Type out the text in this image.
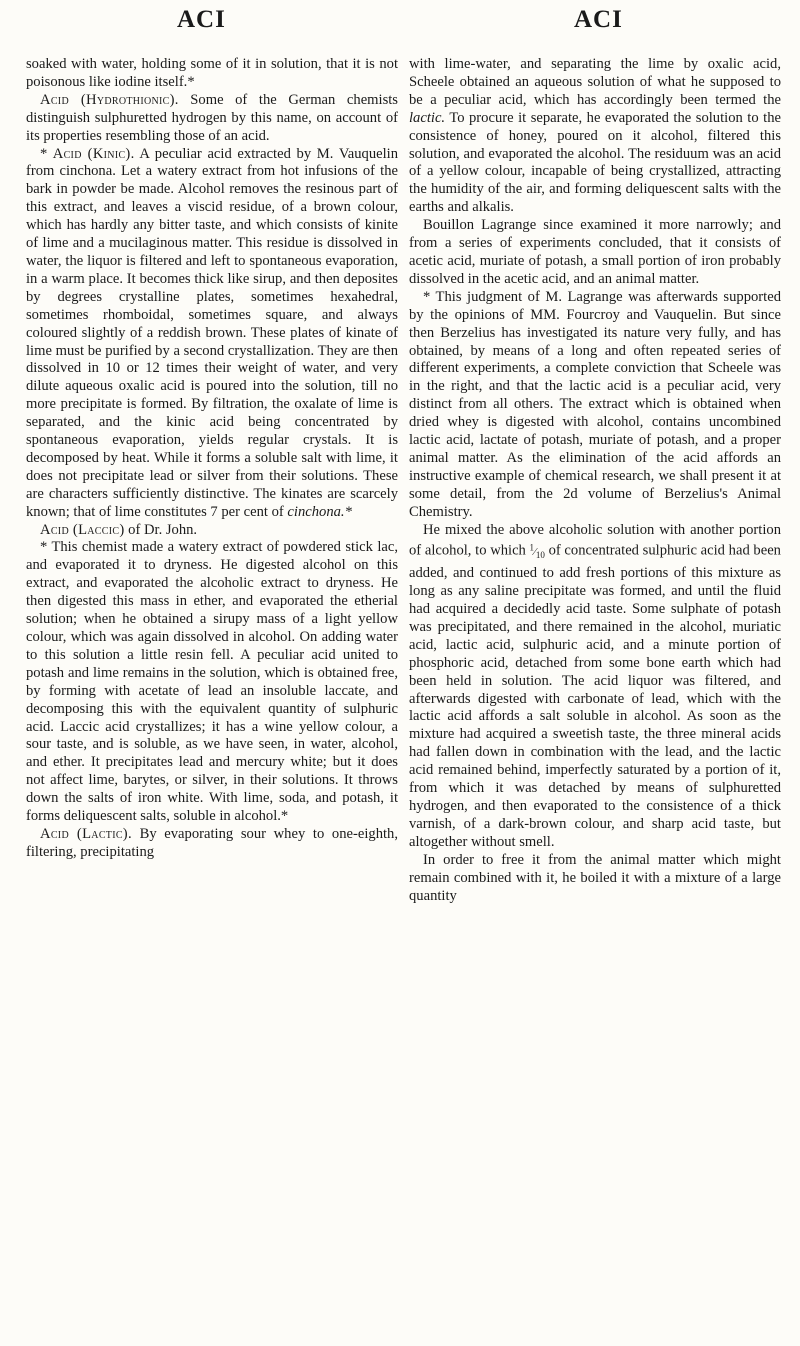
ACI	ACI

soaked with water, holding some of it in solution, that it is not poisonous like iodine itself.*

Acid (Hydrothionic). Some of the German chemists distinguish sulphuretted hydrogen by this name, on account of its properties resembling those of an acid.

* Acid (Kinic). A peculiar acid extracted by M. Vauquelin from cinchona. Let a watery extract from hot infusions of the bark in powder be made. Alcohol removes the resinous part of this extract, and leaves a viscid residue, of a brown colour, which has hardly any bitter taste, and which consists of kinite of lime and a mucilaginous matter. This residue is dissolved in water, the liquor is filtered and left to spontaneous evaporation, in a warm place. It becomes thick like sirup, and then deposites by degrees crystalline plates, sometimes hexahedral, sometimes rhomboidal, sometimes square, and always coloured slightly of a reddish brown. These plates of kinate of lime must be purified by a second crystallization. They are then dissolved in 10 or 12 times their weight of water, and very dilute aqueous oxalic acid is poured into the solution, till no more precipitate is formed. By filtration, the oxalate of lime is separated, and the kinic acid being concentrated by spontaneous evaporation, yields regular crystals. It is decomposed by heat. While it forms a soluble salt with lime, it does not precipitate lead or silver from their solutions. These are characters sufficiently distinctive. The kinates are scarcely known; that of lime constitutes 7 per cent of cinchona.*

Acid (Laccic) of Dr. John.

* This chemist made a watery extract of powdered stick lac, and evaporated it to dryness. He digested alcohol on this extract, and evaporated the alcoholic extract to dryness. He then digested this mass in ether, and evaporated the etherial solution; when he obtained a sirupy mass of a light yellow colour, which was again dissolved in alcohol. On adding water to this solution a little resin fell. A peculiar acid united to potash and lime remains in the solution, which is obtained free, by forming with acetate of lead an insoluble laccate, and decomposing this with the equivalent quantity of sulphuric acid. Laccic acid crystallizes; it has a wine yellow colour, a sour taste, and is soluble, as we have seen, in water, alcohol, and ether. It precipitates lead and mercury white; but it does not affect lime, barytes, or silver, in their solutions. It throws down the salts of iron white. With lime, soda, and potash, it forms deliquescent salts, soluble in alcohol.*

Acid (Lactic). By evaporating sour whey to one-eighth, filtering, precipitating

with lime-water, and separating the lime by oxalic acid, Scheele obtained an aqueous solution of what he supposed to be a peculiar acid, which has accordingly been termed the lactic. To procure it separate, he evaporated the solution to the consistence of honey, poured on it alcohol, filtered this solution, and evaporated the alcohol. The residuum was an acid of a yellow colour, incapable of being crystallized, attracting the humidity of the air, and forming deliquescent salts with the earths and alkalis.

Bouillon Lagrange since examined it more narrowly; and from a series of experiments concluded, that it consists of acetic acid, muriate of potash, a small portion of iron probably dissolved in the acetic acid, and an animal matter.

* This judgment of M. Lagrange was afterwards supported by the opinions of MM. Fourcroy and Vauquelin. But since then Berzelius has investigated its nature very fully, and has obtained, by means of a long and often repeated series of different experiments, a complete conviction that Scheele was in the right, and that the lactic acid is a peculiar acid, very distinct from all others. The extract which is obtained when dried whey is digested with alcohol, contains uncombined lactic acid, lactate of potash, muriate of potash, and a proper animal matter. As the elimination of the acid affords an instructive example of chemical research, we shall present it at some detail, from the 2d volume of Berzelius's Animal Chemistry.

He mixed the above alcoholic solution with another portion of alcohol, to which $^1⁄_{10}$ of concentrated sulphuric acid had been added, and continued to add fresh portions of this mixture as long as any saline precipitate was formed, and until the fluid had acquired a decidedly acid taste. Some sulphate of potash was precipitated, and there remained in the alcohol, muriatic acid, lactic acid, sulphuric acid, and a minute portion of phosphoric acid, detached from some bone earth which had been held in solution. The acid liquor was filtered, and afterwards digested with carbonate of lead, which with the lactic acid affords a salt soluble in alcohol. As soon as the mixture had acquired a sweetish taste, the three mineral acids had fallen down in combination with the lead, and the lactic acid remained behind, imperfectly saturated by a portion of it, from which it was detached by means of sulphuretted hydrogen, and then evaporated to the consistence of a thick varnish, of a dark-brown colour, and sharp acid taste, but altogether without smell.

In order to free it from the animal matter which might remain combined with it, he boiled it with a mixture of a large quantity
